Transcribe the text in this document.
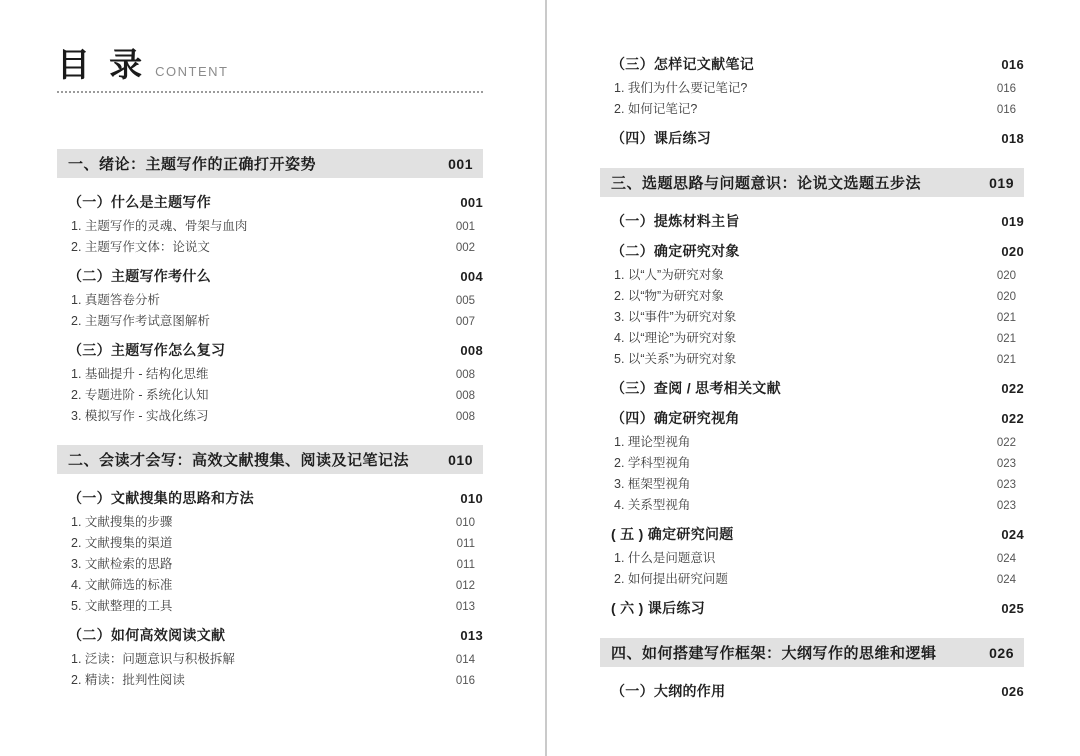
目 录 CONTENT
一、绪论：主题写作的正确打开姿势	001
（一）什么是主题写作	001
1. 主题写作的灵魂、骨架与血肉	001
2. 主题写作文体：论说文	002
（二）主题写作考什么	004
1. 真题答卷分析	005
2. 主题写作考试意图解析	007
（三）主题写作怎么复习	008
1. 基础提升 - 结构化思维	008
2. 专题进阶 - 系统化认知	008
3. 模拟写作 - 实战化练习	008
二、会读才会写：高效文献搜集、阅读及记笔记法	010
（一）文献搜集的思路和方法	010
1. 文献搜集的步骤	010
2. 文献搜集的渠道	011
3. 文献检索的思路	011
4. 文献筛选的标准	012
5. 文献整理的工具	013
（二）如何高效阅读文献	013
1. 泛读：问题意识与积极拆解	014
2. 精读：批判性阅读	016
（三）怎样记文献笔记	016
1. 我们为什么要记笔记?	016
2. 如何记笔记?	016
（四）课后练习	018
三、选题思路与问题意识：论说文选题五步法	019
（一）提炼材料主旨	019
（二）确定研究对象	020
1. 以“人”为研究对象	020
2. 以“物”为研究对象	020
3. 以“事件”为研究对象	021
4. 以“理论”为研究对象	021
5. 以“关系”为研究对象	021
（三）查阅 / 思考相关文献	022
（四）确定研究视角	022
1. 理论型视角	022
2. 学科型视角	023
3. 框架型视角	023
4. 关系型视角	023
( 五 ) 确定研究问题	024
1. 什么是问题意识	024
2. 如何提出研究问题	024
( 六 ) 课后练习	025
四、如何搭建写作框架：大纲写作的思维和逻辑	026
（一）大纲的作用	026
